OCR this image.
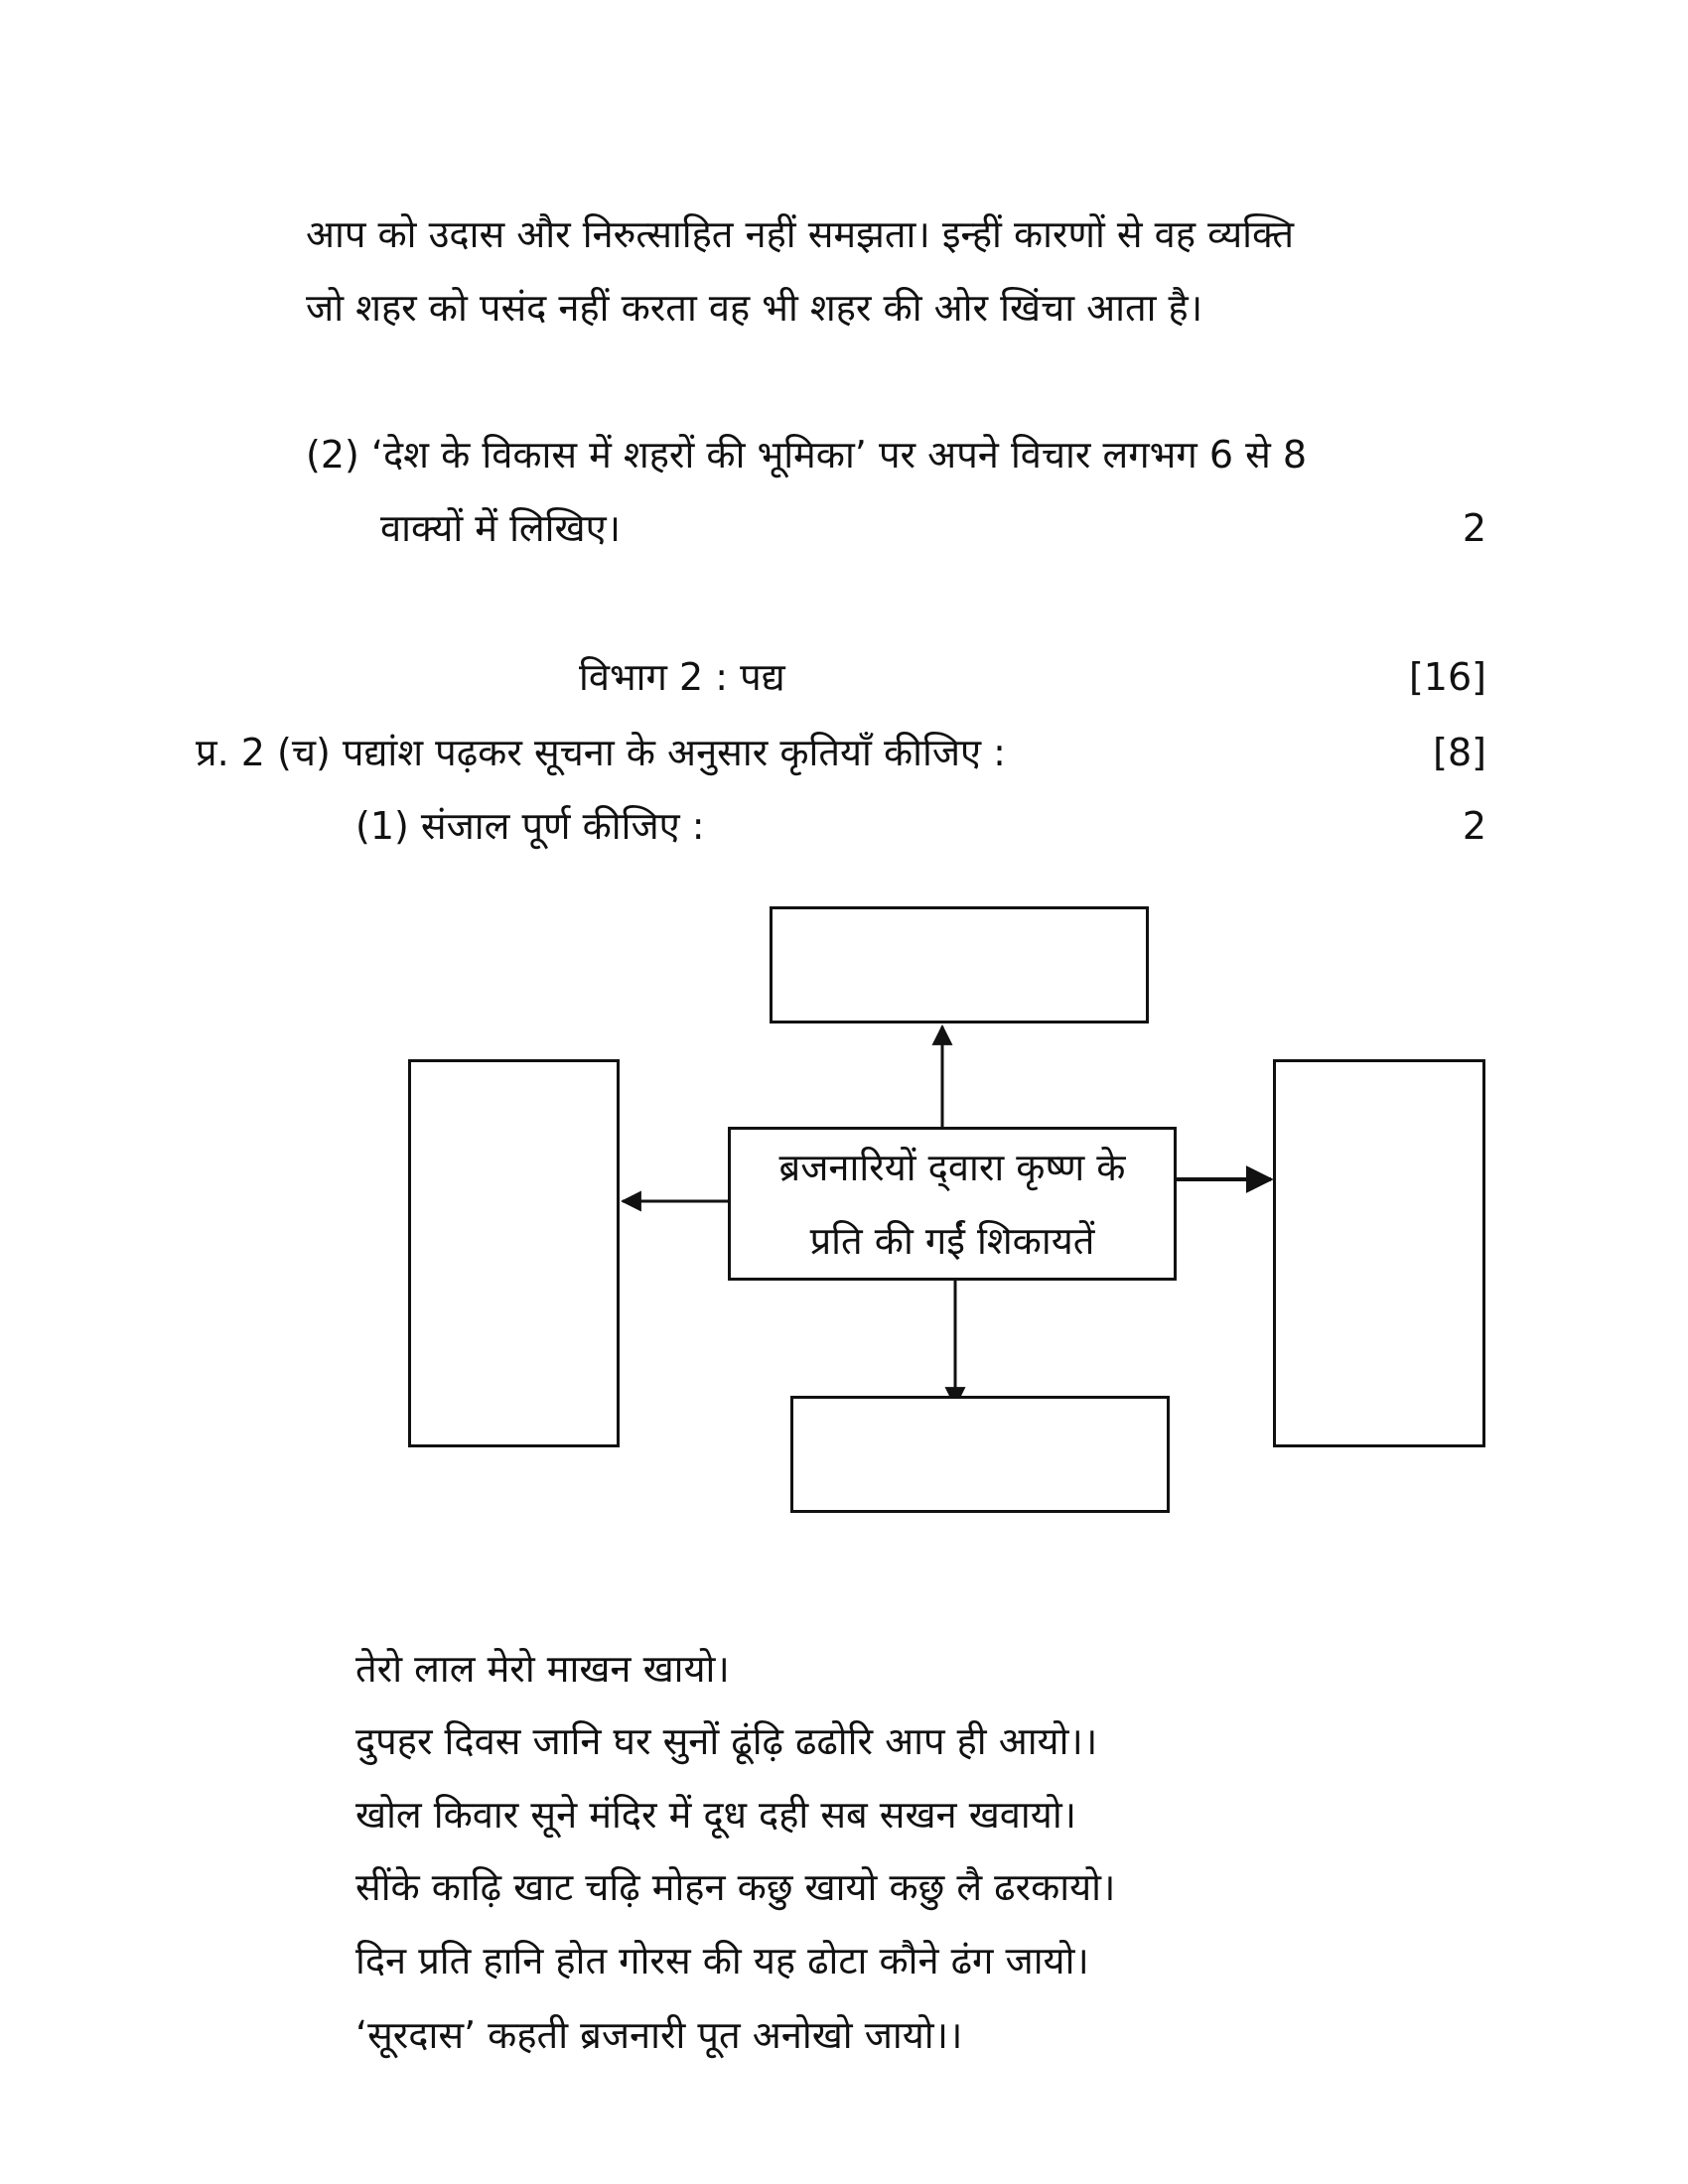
आप को उदास और निरुत्साहित नहीं समझता। इन्हीं कारणों से वह व्यक्ति
जो शहर को पसंद नहीं करता वह भी शहर की ओर खिंचा आता है।
(2) ‘देश के विकास में शहरों की भूमिका’ पर अपने विचार लगभग 6 से 8
वाक्यों में लिखिए।	2
विभाग 2 : पद्य	[16]
प्र. 2 (च) पद्यांश पढ़कर सूचना के अनुसार कृतियाँ कीजिए :	[8]
(1) संजाल पूर्ण कीजिए :	2
ब्रजनारियों द्‌वारा कृष्ण के
प्रति की गईं शिकायतें
तेरो लाल मेरो माखन खायो।
दुपहर दिवस जानि घर सुनों ढूंढ़ि ढढोरि आप ही आयो।।
खोल किवार सूने मंदिर में दूध दही सब सखन खवायो।
सींके काढ़ि खाट चढ़ि मोहन कछु खायो कछु लै ढरकायो।
दिन प्रति हानि होत गोरस की यह ढोटा कौने ढंग जायो।
‘सूरदास’ कहती ब्रजनारी पूत अनोखो जायो।।
